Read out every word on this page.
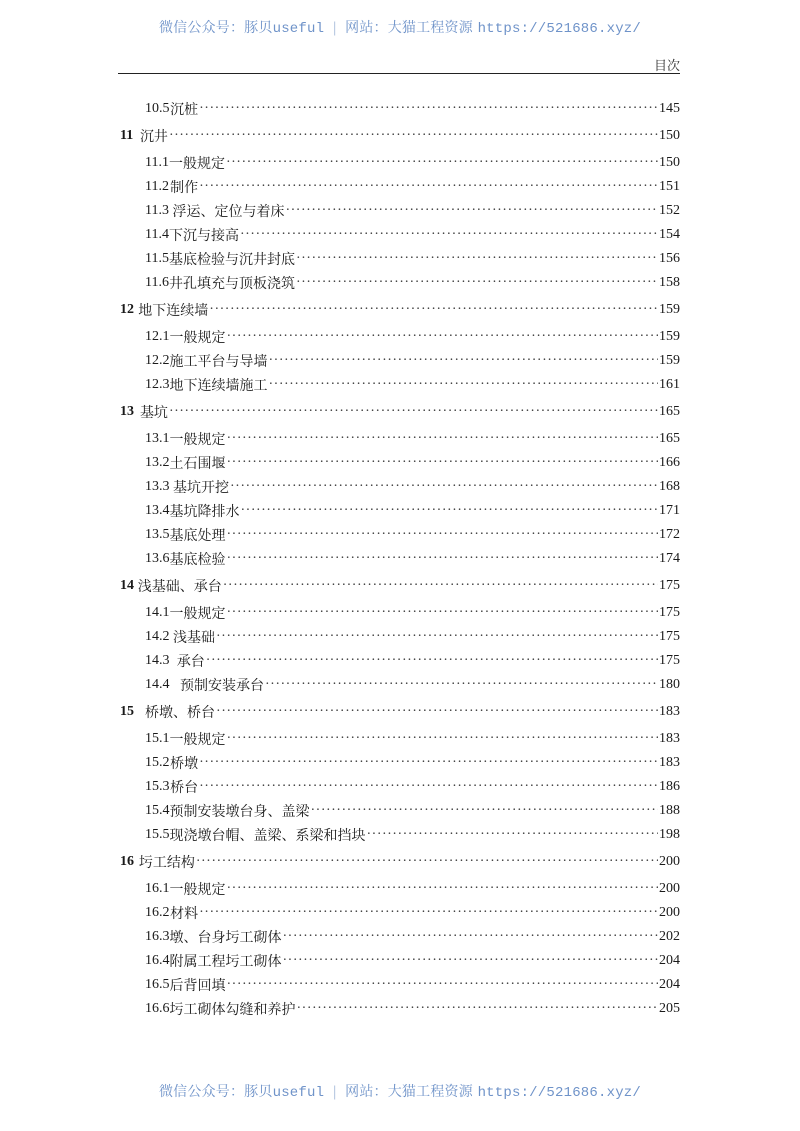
微信公众号：豚贝useful | 网站：大猫工程资源 https://521686.xyz/
目次
10.5 沉桩 ·····	145
11 沉井 ·····	150
11.1 一般规定 ·····	150
11.2 制作 ·····	151
11.3 浮运、定位与着床 ·····	152
11.4 下沉与接高 ·····	154
11.5 基底检验与沉井封底 ·····	156
11.6 井孔填充与顶板浇筑 ·····	158
12 地下连续墙 ·····	159
12.1 一般规定 ·····	159
12.2 施工平台与导墙 ·····	159
12.3 地下连续墙施工 ·····	161
13 基坑 ·····	165
13.1 一般规定 ·····	165
13.2 土石围堰 ·····	166
13.3 基坑开挖 ·····	168
13.4 基坑降排水 ·····	171
13.5 基底处理 ·····	172
13.6 基底检验 ·····	174
14 浅基础、承台 ·····	175
14.1 一般规定 ·····	175
14.2 浅基础 ·····	175
14.3 承台 ·····	175
14.4 预制安装承台 ·····	180
15 桥墩、桥台 ·····	183
15.1 一般规定 ·····	183
15.2 桥墩 ·····	183
15.3 桥台 ·····	186
15.4 预制安装墩台身、盖梁 ·····	188
15.5 现浇墩台帽、盖梁、系梁和挡块 ·····	198
16 圬工结构 ·····	200
16.1 一般规定 ·····	200
16.2 材料 ·····	200
16.3 墩、台身圬工砌体 ·····	202
16.4 附属工程圬工砌体 ·····	204
16.5 后背回填 ·····	204
16.6 圬工砌体勾缝和养护 ·····	205
微信公众号：豚贝useful | 网站：大猫工程资源 https://521686.xyz/
